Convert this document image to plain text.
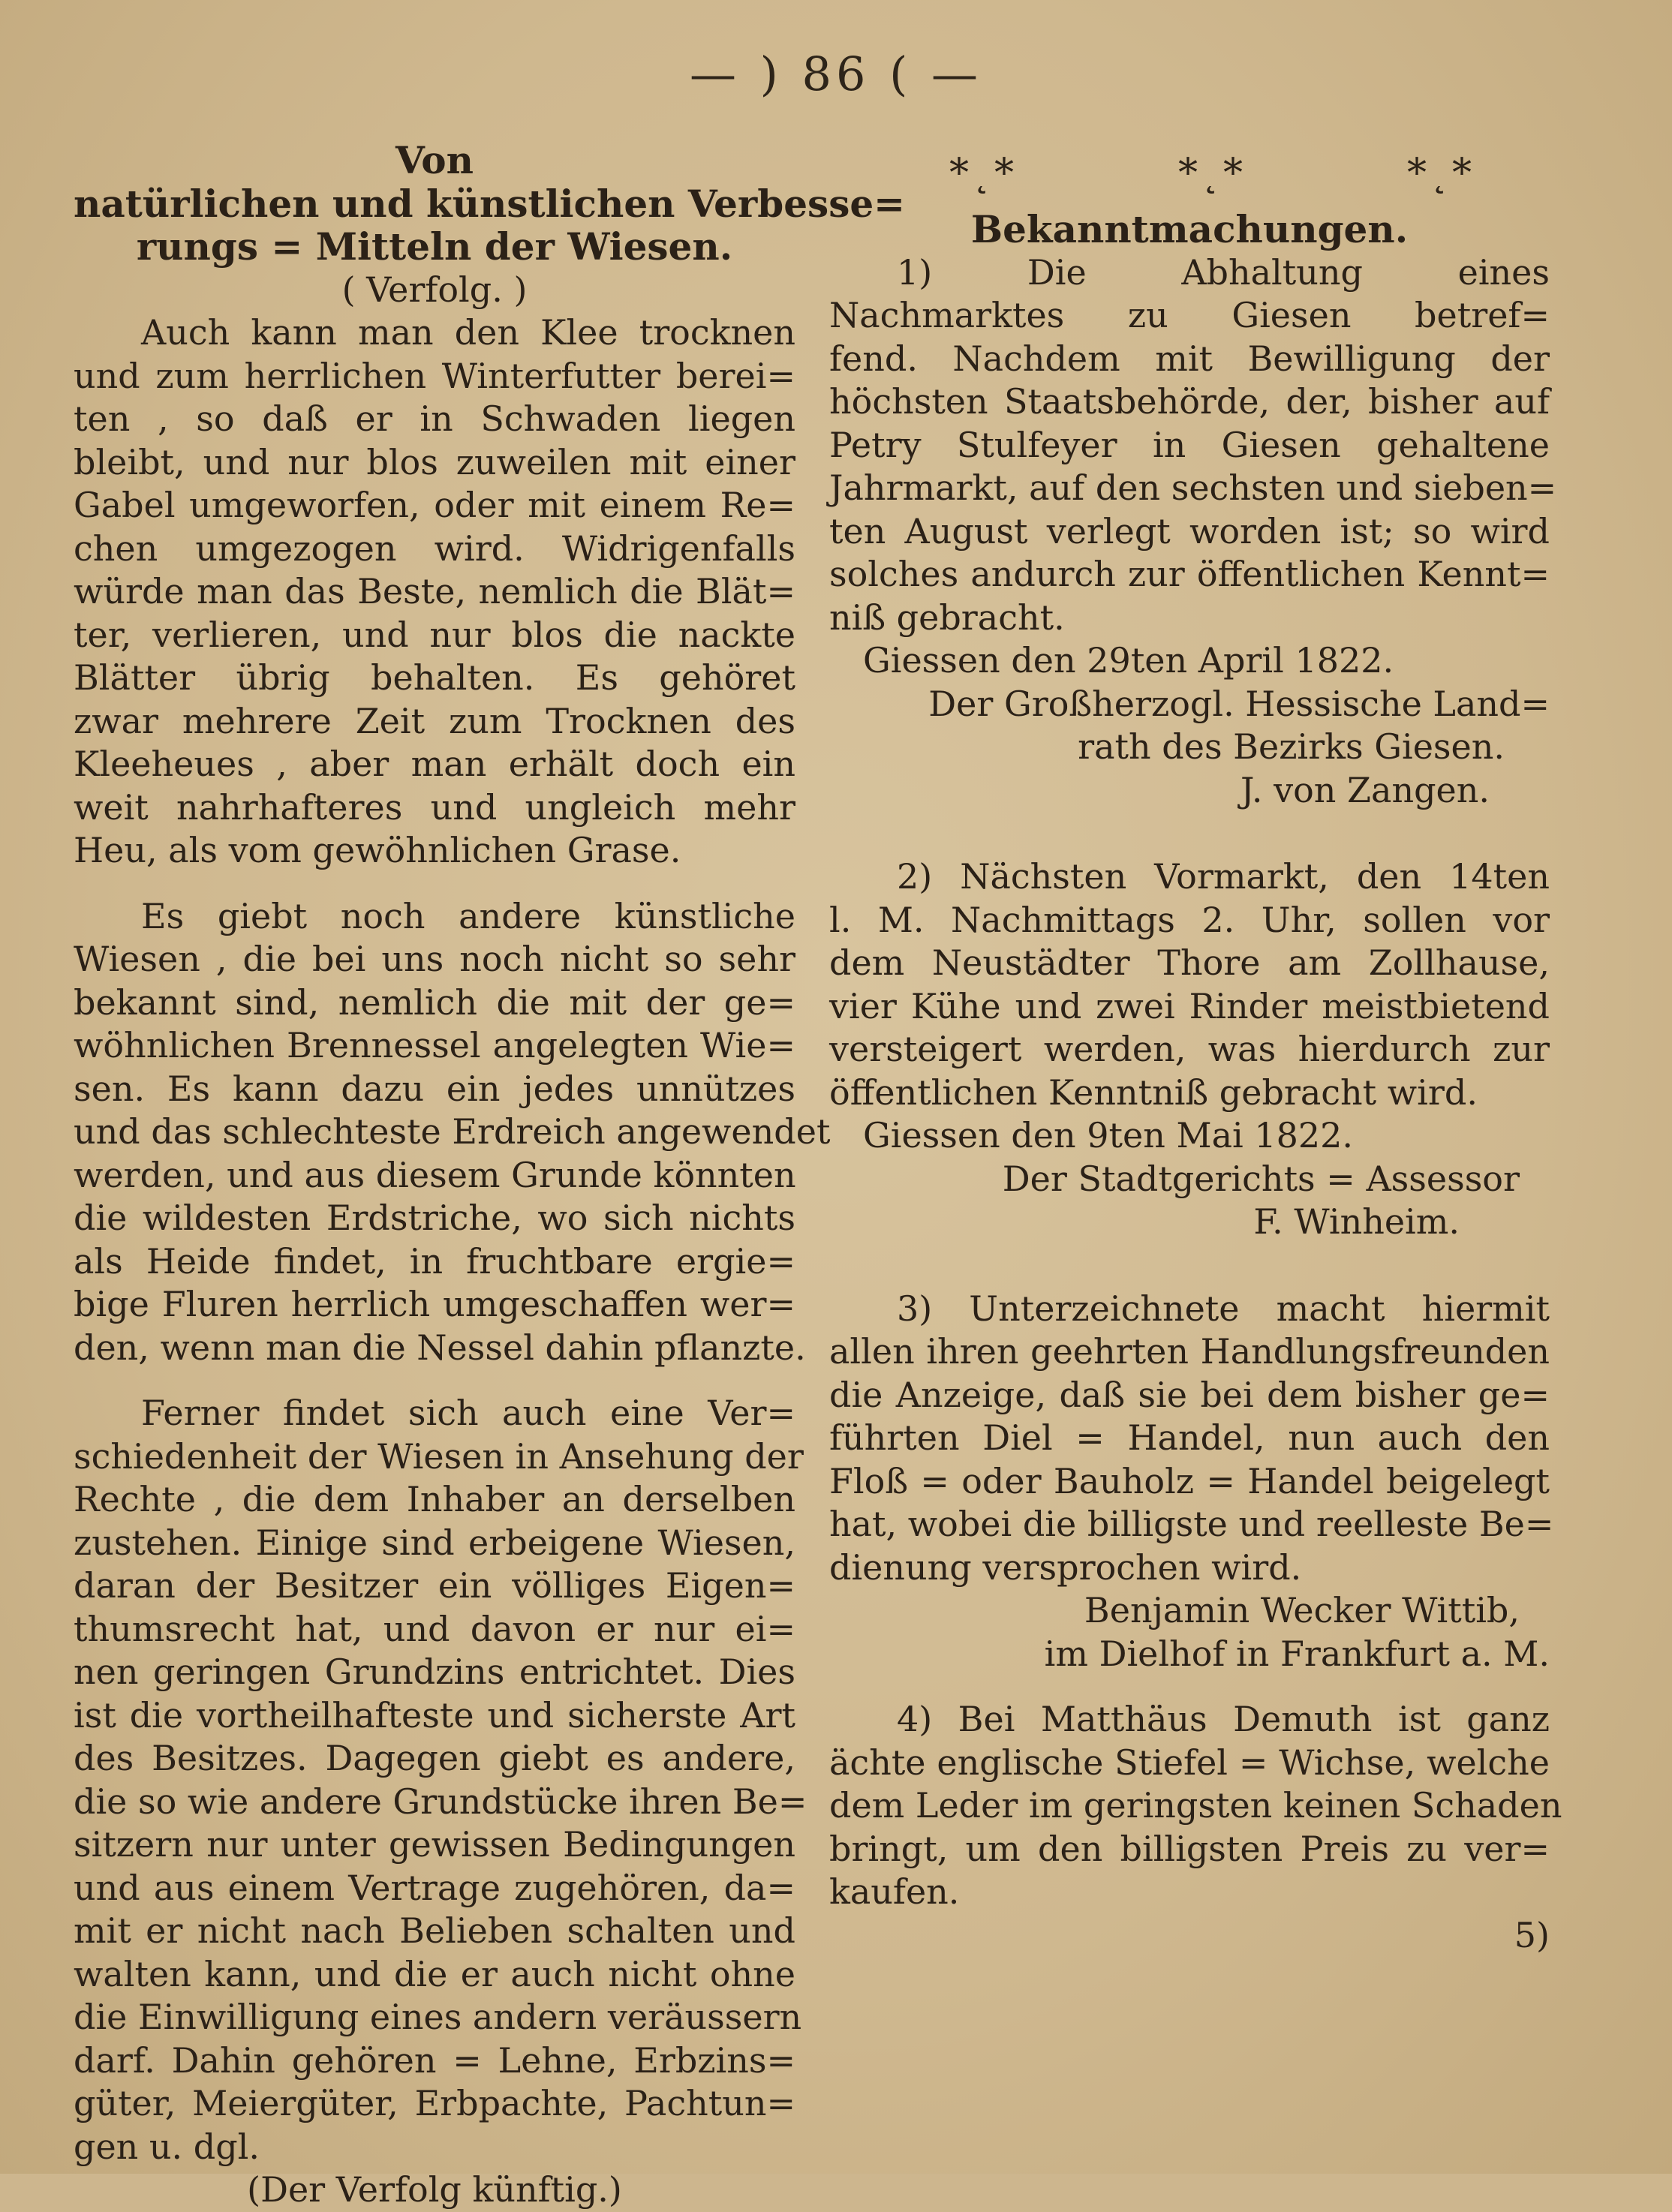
— ) 86 ( —
Von
natürlichen und künstlichen Verbesse=
rungs = Mitteln der Wiesen.
( Verfolg. )
Auch kann man den Klee trocknen
und zum herrlichen Winterfutter berei=
ten , so daß er in Schwaden liegen
bleibt, und nur blos zuweilen mit einer
Gabel umgeworfen, oder mit einem Re=
chen umgezogen wird. Widrigenfalls
würde man das Beste, nemlich die Blät=
ter, verlieren, und nur blos die nackte
Blätter übrig behalten. Es gehöret
zwar mehrere Zeit zum Trocknen des
Kleeheues , aber man erhält doch ein
weit nahrhafteres und ungleich mehr
Heu, als vom gewöhnlichen Grase.
Es giebt noch andere künstliche
Wiesen , die bei uns noch nicht so sehr
bekannt sind, nemlich die mit der ge=
wöhnlichen Brennessel angelegten Wie=
sen. Es kann dazu ein jedes unnützes
und das schlechteste Erdreich angewendet
werden, und aus diesem Grunde könnten
die wildesten Erdstriche, wo sich nichts
als Heide findet, in fruchtbare ergie=
bige Fluren herrlich umgeschaffen wer=
den, wenn man die Nessel dahin pflanzte.
Ferner findet sich auch eine Ver=
schiedenheit der Wiesen in Ansehung der
Rechte , die dem Inhaber an derselben
zustehen. Einige sind erbeigene Wiesen,
daran der Besitzer ein völliges Eigen=
thumsrecht hat, und davon er nur ei=
nen geringen Grundzins entrichtet. Dies
ist die vortheilhafteste und sicherste Art
des Besitzes. Dagegen giebt es andere,
die so wie andere Grundstücke ihren Be=
sitzern nur unter gewissen Bedingungen
und aus einem Vertrage zugehören, da=
mit er nicht nach Belieben schalten und
walten kann, und die er auch nicht ohne
die Einwilligung eines andern veräussern
darf. Dahin gehören = Lehne, Erbzins=
güter, Meiergüter, Erbpachte, Pachtun=
gen u. dgl.
(Der Verfolg künftig.)
*˛*	*˛*	*˛*
Bekanntmachungen.
1) Die Abhaltung eines
Nachmarktes zu Giesen betref=
fend. Nachdem mit Bewilligung der
höchsten Staatsbehörde, der, bisher auf
Petry Stulfeyer in Giesen gehaltene
Jahrmarkt, auf den sechsten und sieben=
ten August verlegt worden ist; so wird
solches andurch zur öffentlichen Kennt=
niß gebracht.
Giessen den 29ten April 1822.
Der Großherzogl. Hessische Land=
rath des Bezirks Giesen.
J. von Zangen.
2) Nächsten Vormarkt, den 14ten
l. M. Nachmittags 2. Uhr, sollen vor
dem Neustädter Thore am Zollhause,
vier Kühe und zwei Rinder meistbietend
versteigert werden, was hierdurch zur
öffentlichen Kenntniß gebracht wird.
Giessen den 9ten Mai 1822.
Der Stadtgerichts = Assessor
F. Winheim.
3) Unterzeichnete macht hiermit
allen ihren geehrten Handlungsfreunden
die Anzeige, daß sie bei dem bisher ge=
führten Diel = Handel, nun auch den
Floß = oder Bauholz = Handel beigelegt
hat, wobei die billigste und reelleste Be=
dienung versprochen wird.
Benjamin Wecker Wittib,
im Dielhof in Frankfurt a. M.
4) Bei Matthäus Demuth ist ganz
ächte englische Stiefel = Wichse, welche
dem Leder im geringsten keinen Schaden
bringt, um den billigsten Preis zu ver=
kaufen.
5)
